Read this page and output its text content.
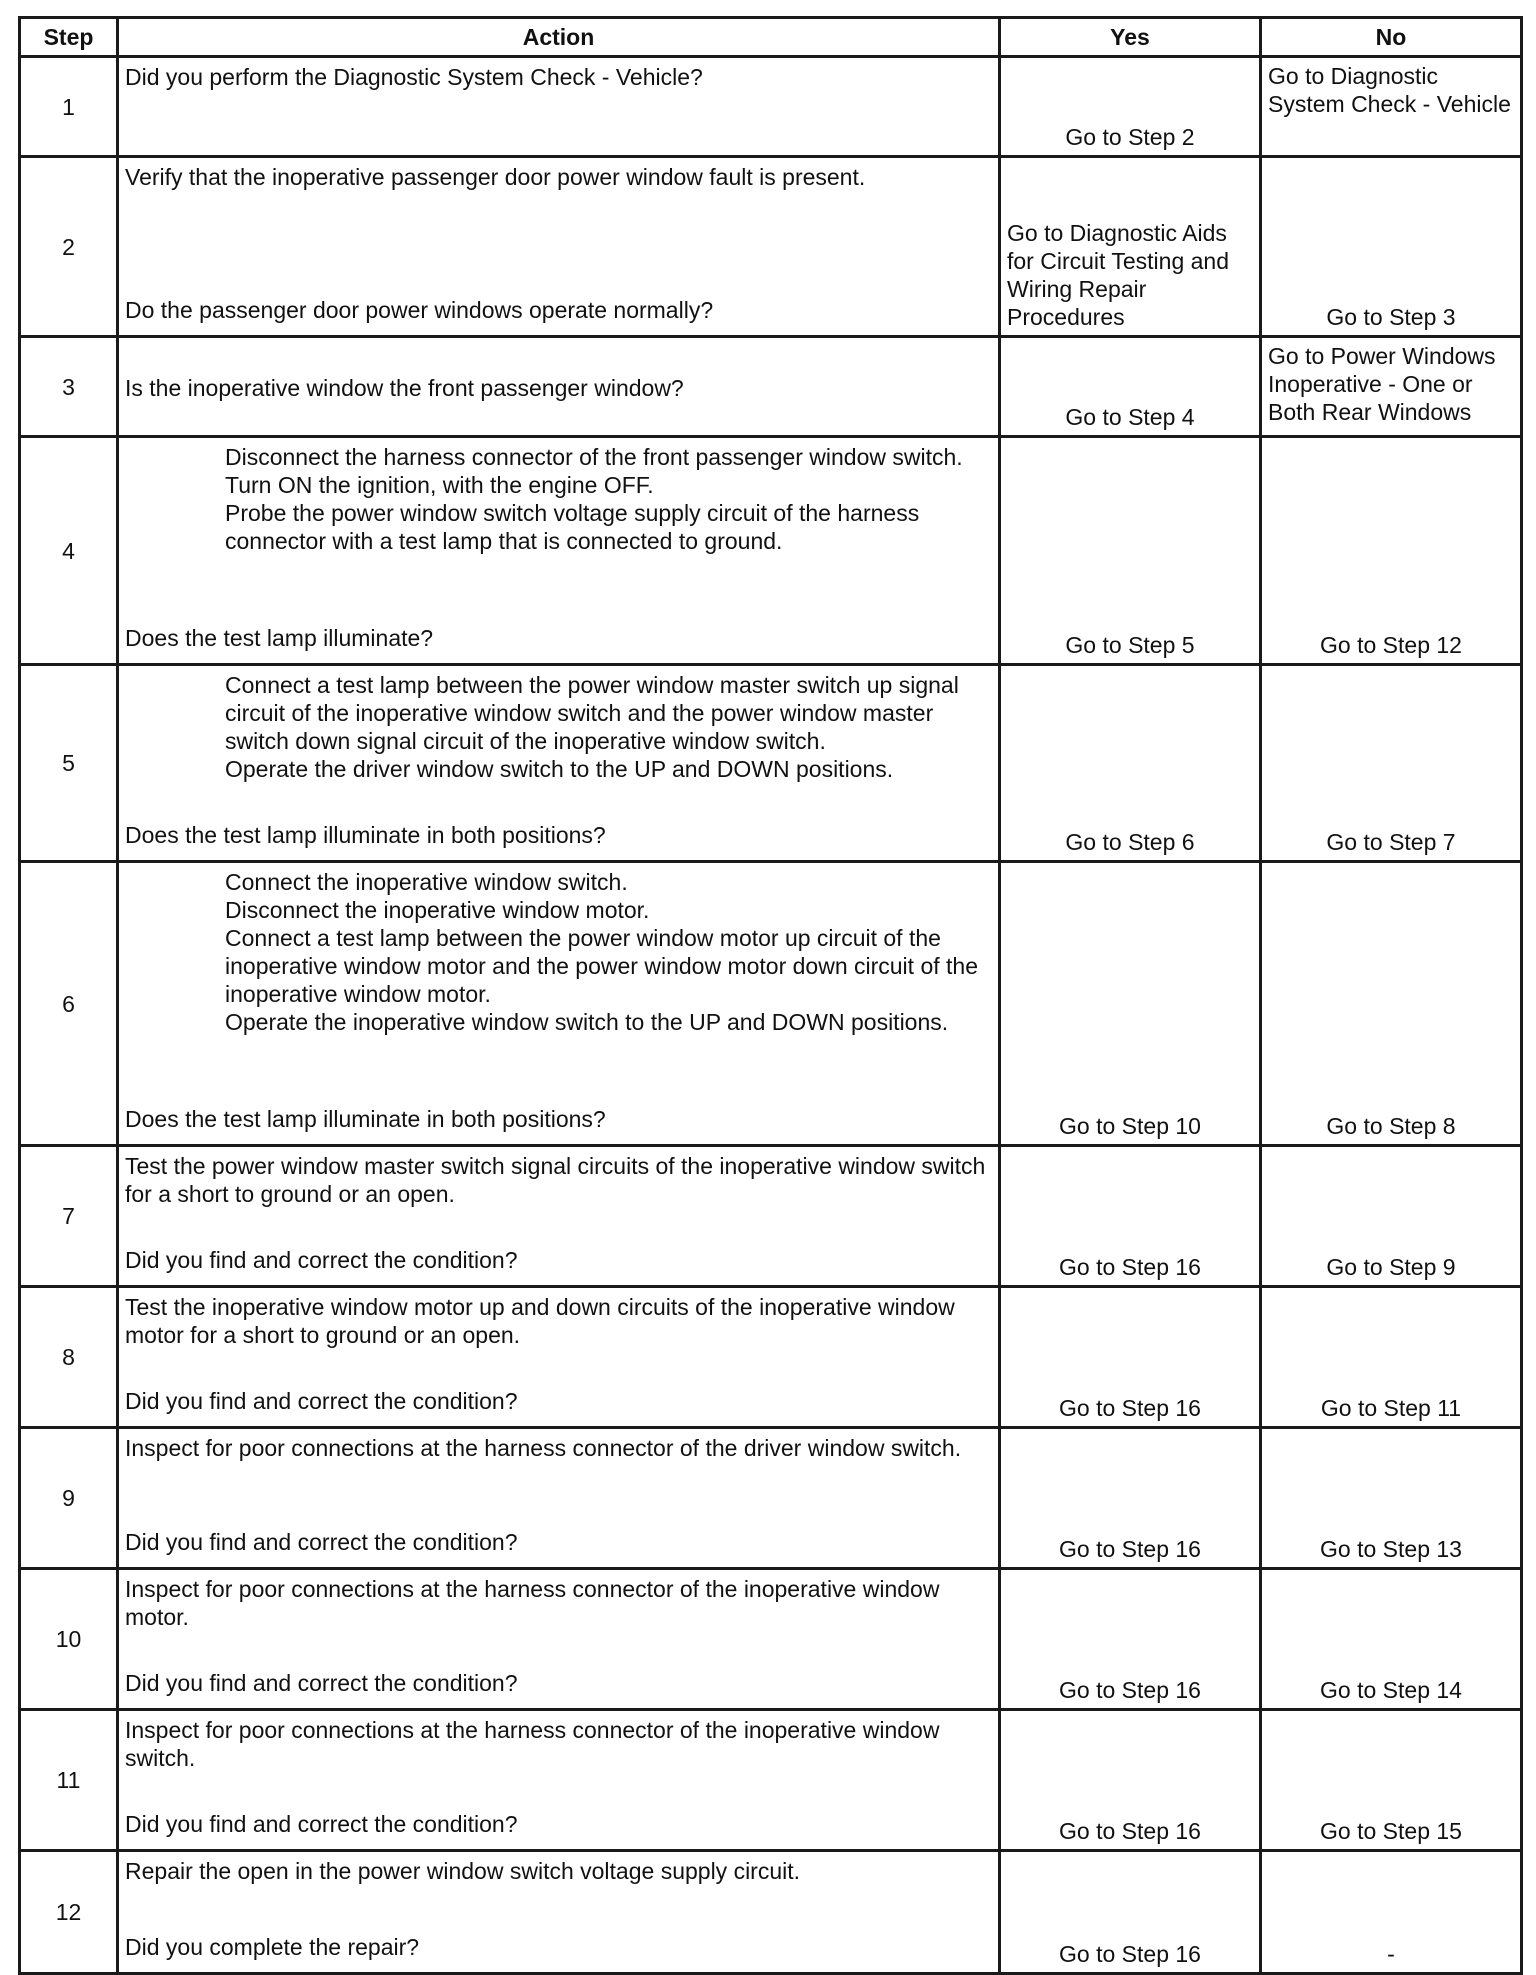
Step	Action	Yes	No
1	Did you perform the Diagnostic System Check - Vehicle?	Go to Step 2	Go to Diagnostic System Check - Vehicle
2	Verify that the inoperative passenger door power window fault is present.
Do the passenger door power windows operate normally?	Go to Diagnostic Aids for Circuit Testing and Wiring Repair Procedures	Go to Step 3
3	Is the inoperative window the front passenger window?	Go to Step 4	Go to Power Windows Inoperative - One or Both Rear Windows
4	Disconnect the harness connector of the front passenger window switch.
Turn ON the ignition, with the engine OFF.
Probe the power window switch voltage supply circuit of the harness connector with a test lamp that is connected to ground.
Does the test lamp illuminate?	Go to Step 5	Go to Step 12
5	Connect a test lamp between the power window master switch up signal circuit of the inoperative window switch and the power window master switch down signal circuit of the inoperative window switch.
Operate the driver window switch to the UP and DOWN positions.
Does the test lamp illuminate in both positions?	Go to Step 6	Go to Step 7
6	Connect the inoperative window switch.
Disconnect the inoperative window motor.
Connect a test lamp between the power window motor up circuit of the inoperative window motor and the power window motor down circuit of the inoperative window motor.
Operate the inoperative window switch to the UP and DOWN positions.
Does the test lamp illuminate in both positions?	Go to Step 10	Go to Step 8
7	Test the power window master switch signal circuits of the inoperative window switch for a short to ground or an open.
Did you find and correct the condition?	Go to Step 16	Go to Step 9
8	Test the inoperative window motor up and down circuits of the inoperative window motor for a short to ground or an open.
Did you find and correct the condition?	Go to Step 16	Go to Step 11
9	Inspect for poor connections at the harness connector of the driver window switch.
Did you find and correct the condition?	Go to Step 16	Go to Step 13
10	Inspect for poor connections at the harness connector of the inoperative window motor.
Did you find and correct the condition?	Go to Step 16	Go to Step 14
11	Inspect for poor connections at the harness connector of the inoperative window switch.
Did you find and correct the condition?	Go to Step 16	Go to Step 15
12	Repair the open in the power window switch voltage supply circuit.
Did you complete the repair?	Go to Step 16	-
